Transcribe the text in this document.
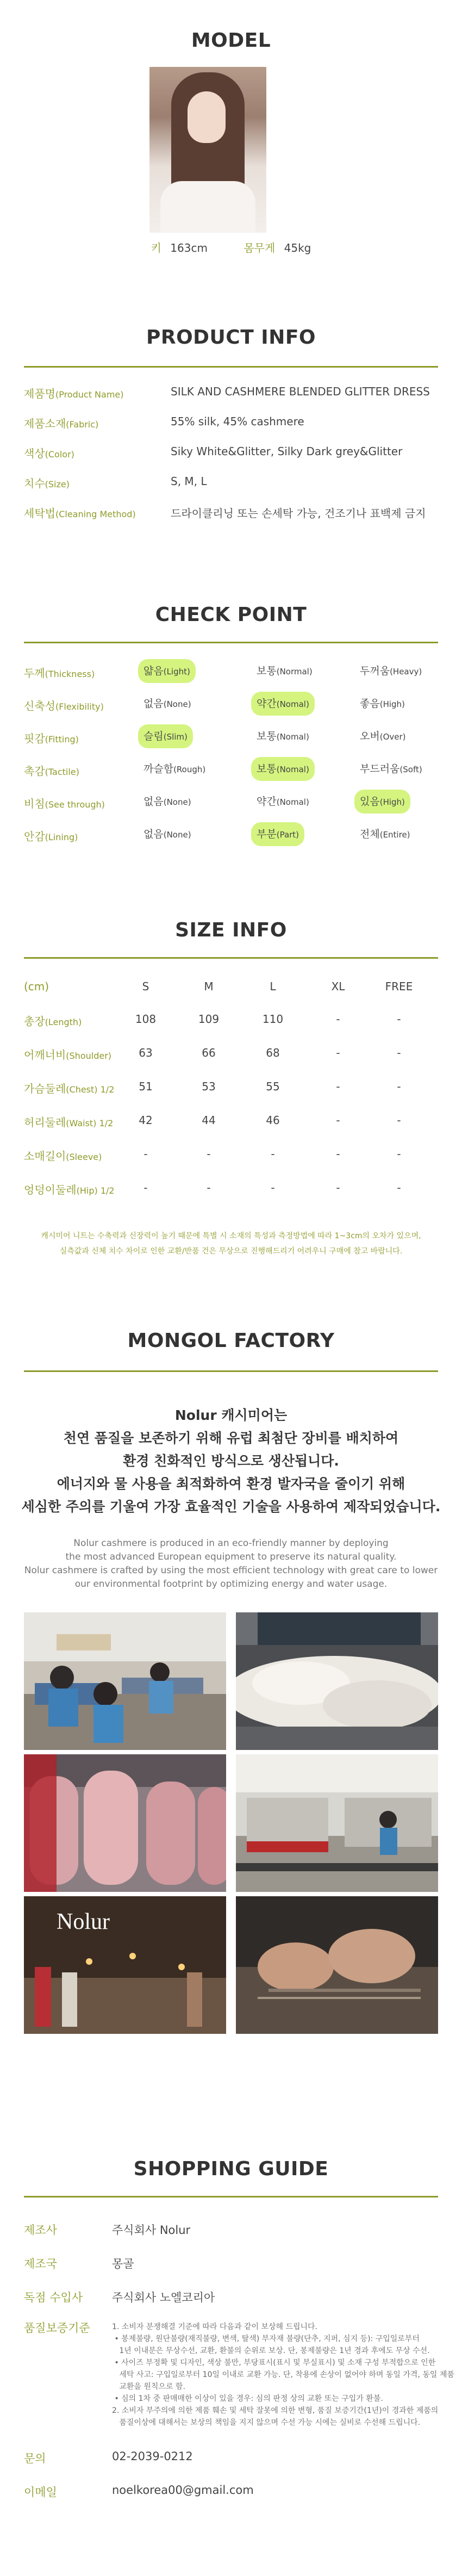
MODEL
키 163cm	몸무게 45kg
PRODUCT INFO
제품명(Product Name)	SILK AND CASHMERE BLENDED GLITTER DRESS
제품소재(Fabric)	55% silk, 45% cashmere
색상(Color)	Siky White&Glitter, Silky Dark grey&Glitter
치수(Size)	S, M, L
세탁법(Cleaning Method)	드라이클리닝 또는 손세탁 가능, 건조기나 표백제 금지
CHECK POINT
두께(Thickness)	얇음(Light)	보통(Normal)	두꺼움(Heavy)
신축성(Flexibility)	없음(None)	약간(Nomal)	좋음(High)
핏감(Fitting)	슬림(Slim)	보통(Nomal)	오버(Over)
촉감(Tactile)	까슬함(Rough)	보통(Nomal)	부드러움(Soft)
비침(See through)	없음(None)	약간(Nomal)	있음(High)
안감(Lining)	없음(None)	부분(Part)	전체(Entire)
SIZE INFO
(cm)	S	M	L	XL	FREE
총장(Length)	108	109	110	-	-
어깨너비(Shoulder)	63	66	68	-	-
가슴둘레(Chest) 1/2	51	53	55	-	-
허리둘레(Waist) 1/2	42	44	46	-	-
소매길이(Sleeve)	-	-	-	-	-
엉덩이둘레(Hip) 1/2	-	-	-	-	-
캐시미어 니트는 수축력과 신장력이 높기 때문에 특별 시 소재의 특성과 측정방법에 따라 1~3cm의 오차가 있으며,
실측값과 신체 치수 차이로 인한 교환/반품 건은 무상으로 진행해드리기 어려우니 구매에 참고 바랍니다.
MONGOL FACTORY
Nolur 캐시미어는
천연 품질을 보존하기 위해 유럽 최첨단 장비를 배치하여
환경 친화적인 방식으로 생산됩니다.
에너지와 물 사용을 최적화하여 환경 발자국을 줄이기 위해
세심한 주의를 기울여 가장 효율적인 기술을 사용하여 제작되었습니다.
Nolur cashmere is produced in an eco-friendly manner by deploying
the most advanced European equipment to preserve its natural quality.
Nolur cashmere is crafted by using the most efficient technology with great care to lower
our environmental footprint by optimizing energy and water usage.
Nolur
SHOPPING GUIDE
제조사	주식회사 Nolur
제조국	몽골
독점 수입사	주식회사 노엘코리아
품질보증기준	1. 소비자 분쟁해결 기준에 따라 다음과 같이 보상해 드립니다.
• 봉제불량, 원단불량(재직불량, 변색, 탈색) 부자재 불량(단추, 지퍼, 심지 등): 구입일로부터
1년 이내분은 무상수선, 교환, 환불의 순위로 보상. 단, 봉제불량은 1년 경과 후에도 무상 수선.
• 사이즈 부정확 및 디자인, 색상 불만, 부당표시(표시 및 부실표시) 및 소재 구성 부적합으로 인한
세탁 사고: 구입일로부터 10일 이내로 교환 가능. 단, 착용에 손상이 없어야 하며 동일 가격, 동일 제품
교환을 원칙으로 함.
• 심의 1차 중 판매매한 이상이 있을 경우: 심의 판정 상의 교환 또는 구입가 환불.
2. 소비자 부주의에 의한 제품 훼손 및 세탁 잘못에 의한 변형, 품질 보증기간(1년)이 경과한 제품의
품질이상에 대해서는 보상의 책임을 지지 않으며 수선 가능 시에는 실비로 수선해 드립니다.
문의	02-2039-0212
이메일	noelkorea00@gmail.com
